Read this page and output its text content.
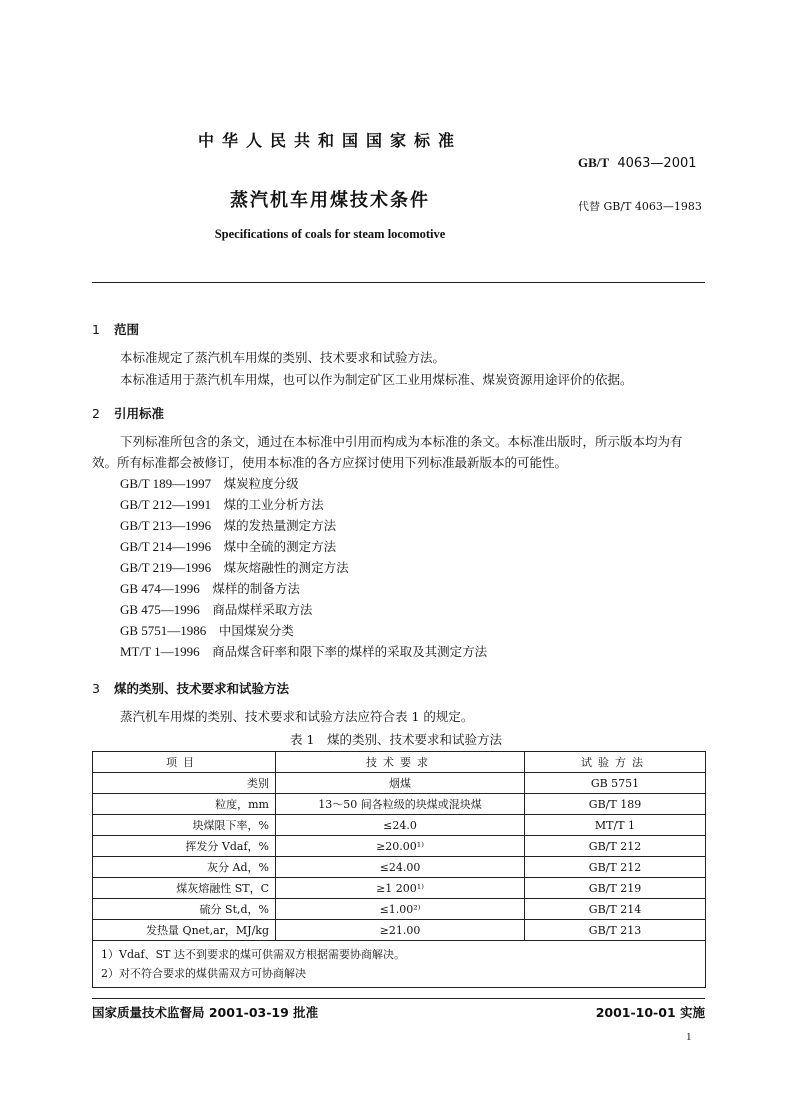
中华人民共和国国家标准
GB/T 4063—2001
蒸汽机车用煤技术条件	代替 GB/T 4063—1983
Specifications of coals for steam locomotive
1 范围
本标准规定了蒸汽机车用煤的类别、技术要求和试验方法。
本标准适用于蒸汽机车用煤，也可以作为制定矿区工业用煤标准、煤炭资源用途评价的依据。
2 引用标准
下列标准所包含的条文，通过在本标准中引用而构成为本标准的条文。本标准出版时，所示版本均为有效。所有标准都会被修订，使用本标准的各方应探讨使用下列标准最新版本的可能性。
GB/T 189—1997　 煤炭粒度分级
GB/T 212—1991　 煤的工业分析方法
GB/T 213—1996　 煤的发热量测定方法
GB/T 214—1996　 煤中全硫的测定方法
GB/T 219—1996　 煤灰熔融性的测定方法
GB 474—1996　 煤样的制备方法
GB 475—1996　 商品煤样采取方法
GB 5751—1986　 中国煤炭分类
MT/T 1—1996　 商品煤含矸率和限下率的煤样的采取及其测定方法
3 煤的类别、技术要求和试验方法
蒸汽机车用煤的类别、技术要求和试验方法应符合表 1 的规定。
表 1　煤的类别、技术要求和试验方法
项目	技术要求	试验方法
类别	烟煤	GB 5751
粒度，mm	13～50 间各粒级的块煤或混块煤	GB/T 189
块煤限下率，%	≤24.0	MT/T 1
挥发分 Vdaf，%	≥20.00¹⁾	GB/T 212
灰分 Ad，%	≤24.00	GB/T 212
煤灰熔融性 ST，C	≥1 200¹⁾	GB/T 219
硫分 St,d，%	≤1.00²⁾	GB/T 214
发热量 Qnet,ar，MJ/kg	≥21.00	GB/T 213

1）Vdaf、ST 达不到要求的煤可供需双方根据需要协商解决。
2）对不符合要求的煤供需双方可协商解决		
国家质量技术监督局 2001-03-19 批准	2001-10-01 实施
1
